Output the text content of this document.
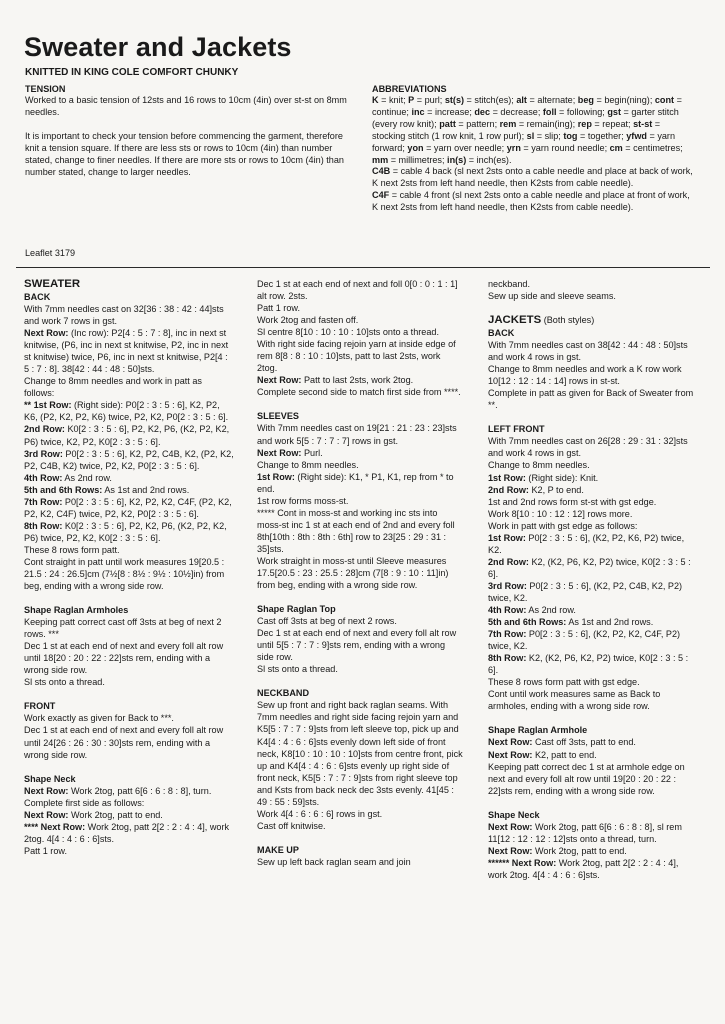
Sweater and Jackets
KNITTED IN KING COLE COMFORT CHUNKY

TENSION

Worked to a basic tension of 12sts and 16 rows to 10cm (4in) over st-st on 8mm needles.

It is important to check your tension before commencing the garment, therefore knit a tension square. If there are less sts or rows to 10cm (4in) than number stated, change to finer needles. If there are more sts or rows to 10cm (4in) than number stated, change to larger needles.

ABBREVIATIONS

K = knit; P = purl; st(s) = stitch(es); alt = alternate; beg = begin(ning); cont = continue; inc = increase; dec = decrease; foll = following; gst = garter stitch (every row knit); patt = pattern; rem = remain(ing); rep = repeat; st-st = stocking stitch (1 row knit, 1 row purl); sl = slip; tog = together; yfwd = yarn forward; yon = yarn over needle; yrn = yarn round needle; cm = centimetres; mm = millimetres; in(s) = inch(es).

C4B = cable 4 back (sl next 2sts onto a cable needle and place at back of work, K next 2sts from left hand needle, then K2sts from cable needle).

C4F = cable 4 front (sl next 2sts onto a cable needle and place at front of work, K next 2sts from left hand needle, then K2sts from cable needle).

Leaflet 3179

SWEATER

BACK

With 7mm needles cast on 32[36 : 38 : 42 : 44]sts and work 7 rows in gst.

Next Row: (Inc row): P2[4 : 5 : 7 : 8], inc in next st knitwise, (P6, inc in next st knitwise, P2, inc in next st knitwise) twice, P6, inc in next st knitwise, P2[4 : 5 : 7 : 8]. 38[42 : 44 : 48 : 50]sts.

Change to 8mm needles and work in patt as follows:

** 1st Row: (Right side): P0[2 : 3 : 5 : 6], K2, P2, K6, (P2, K2, P2, K6) twice, P2, K2, P0[2 : 3 : 5 : 6].

2nd Row: K0[2 : 3 : 5 : 6], P2, K2, P6, (K2, P2, K2, P6) twice, K2, P2, K0[2 : 3 : 5 : 6].

3rd Row: P0[2 : 3 : 5 : 6], K2, P2, C4B, K2, (P2, K2, P2, C4B, K2) twice, P2, K2, P0[2 : 3 : 5 : 6].

4th Row: As 2nd row.

5th and 6th Rows: As 1st and 2nd rows.

7th Row: P0[2 : 3 : 5 : 6], K2, P2, K2, C4F, (P2, K2, P2, K2, C4F) twice, P2, K2, P0[2 : 3 : 5 : 6].

8th Row: K0[2 : 3 : 5 : 6], P2, K2, P6, (K2, P2, K2, P6) twice, P2, K2, K0[2 : 3 : 5 : 6].

These 8 rows form patt.

Cont straight in patt until work measures 19[20.5 : 21.5 : 24 : 26.5]cm (7½[8 : 8½ : 9½ : 10½]in) from beg, ending with a wrong side row.

Shape Raglan Armholes

Keeping patt correct cast off 3sts at beg of next 2 rows. ***

Dec 1 st at each end of next and every foll alt row until 18[20 : 20 : 22 : 22]sts rem, ending with a wrong side row.

Sl sts onto a thread.

FRONT

Work exactly as given for Back to ***.

Dec 1 st at each end of next and every foll alt row until 24[26 : 26 : 30 : 30]sts rem, ending with a wrong side row.

Shape Neck

Next Row: Work 2tog, patt 6[6 : 6 : 8 : 8], turn.

Complete first side as follows:

Next Row: Work 2tog, patt to end.

**** Next Row: Work 2tog, patt 2[2 : 2 : 4 : 4], work 2tog. 4[4 : 4 : 6 : 6]sts.

Patt 1 row.

Dec 1 st at each end of next and foll 0[0 : 0 : 1 : 1] alt row. 2sts.

Patt 1 row.

Work 2tog and fasten off.

Sl centre 8[10 : 10 : 10 : 10]sts onto a thread.

With right side facing rejoin yarn at inside edge of rem 8[8 : 8 : 10 : 10]sts, patt to last 2sts, work 2tog.

Next Row: Patt to last 2sts, work 2tog.

Complete second side to match first side from ****.

SLEEVES

With 7mm needles cast on 19[21 : 21 : 23 : 23]sts and work 5[5 : 7 : 7 : 7] rows in gst.

Next Row: Purl.

Change to 8mm needles.

1st Row: (Right side): K1, * P1, K1, rep from * to end.

1st row forms moss-st.

***** Cont in moss-st and working inc sts into moss-st inc 1 st at each end of 2nd and every foll 8th[10th : 8th : 8th : 6th] row to 23[25 : 29 : 31 : 35]sts.

Work straight in moss-st until Sleeve measures 17.5[20.5 : 23 : 25.5 : 28]cm (7[8 : 9 : 10 : 11]in) from beg, ending with a wrong side row.

Shape Raglan Top

Cast off 3sts at beg of next 2 rows.

Dec 1 st at each end of next and every foll alt row until 5[5 : 7 : 7 : 9]sts rem, ending with a wrong side row.

Sl sts onto a thread.

NECKBAND

Sew up front and right back raglan seams. With 7mm needles and right side facing rejoin yarn and K5[5 : 7 : 7 : 9]sts from left sleeve top, pick up and K4[4 : 4 : 6 : 6]sts evenly down left side of front neck, K8[10 : 10 : 10 : 10]sts from centre front, pick up and K4[4 : 4 : 6 : 6]sts evenly up right side of front neck, K5[5 : 7 : 7 : 9]sts from right sleeve top and Ksts from back neck dec 3sts evenly. 41[45 : 49 : 55 : 59]sts.

Work 4[4 : 6 : 6 : 6] rows in gst.

Cast off knitwise.

MAKE UP

Sew up left back raglan seam and join

neckband.

Sew up side and sleeve seams.

JACKETS (Both styles)

BACK

With 7mm needles cast on 38[42 : 44 : 48 : 50]sts and work 4 rows in gst.

Change to 8mm needles and work a K row work 10[12 : 12 : 14 : 14] rows in st-st.

Complete in patt as given for Back of Sweater from **.

LEFT FRONT

With 7mm needles cast on 26[28 : 29 : 31 : 32]sts and work 4 rows in gst.

Change to 8mm needles.

1st Row: (Right side): Knit.

2nd Row: K2, P to end.

1st and 2nd rows form st-st with gst edge.

Work 8[10 : 10 : 12 : 12] rows more.

Work in patt with gst edge as follows:

1st Row: P0[2 : 3 : 5 : 6], (K2, P2, K6, P2) twice, K2.

2nd Row: K2, (K2, P6, K2, P2) twice, K0[2 : 3 : 5 : 6].

3rd Row: P0[2 : 3 : 5 : 6], (K2, P2, C4B, K2, P2) twice, K2.

4th Row: As 2nd row.

5th and 6th Rows: As 1st and 2nd rows.

7th Row: P0[2 : 3 : 5 : 6], (K2, P2, K2, C4F, P2) twice, K2.

8th Row: K2, (K2, P6, K2, P2) twice, K0[2 : 3 : 5 : 6].

These 8 rows form patt with gst edge.

Cont until work measures same as Back to armholes, ending with a wrong side row.

Shape Raglan Armhole

Next Row: Cast off 3sts, patt to end.

Next Row: K2, patt to end.

Keeping patt correct dec 1 st at armhole edge on next and every foll alt row until 19[20 : 20 : 22 : 22]sts rem, ending with a wrong side row.

Shape Neck

Next Row: Work 2tog, patt 6[6 : 6 : 8 : 8], sl rem 11[12 : 12 : 12 : 12]sts onto a thread, turn.

Next Row: Work 2tog, patt to end.

****** Next Row: Work 2tog, patt 2[2 : 2 : 4 : 4], work 2tog. 4[4 : 4 : 6 : 6]sts.
